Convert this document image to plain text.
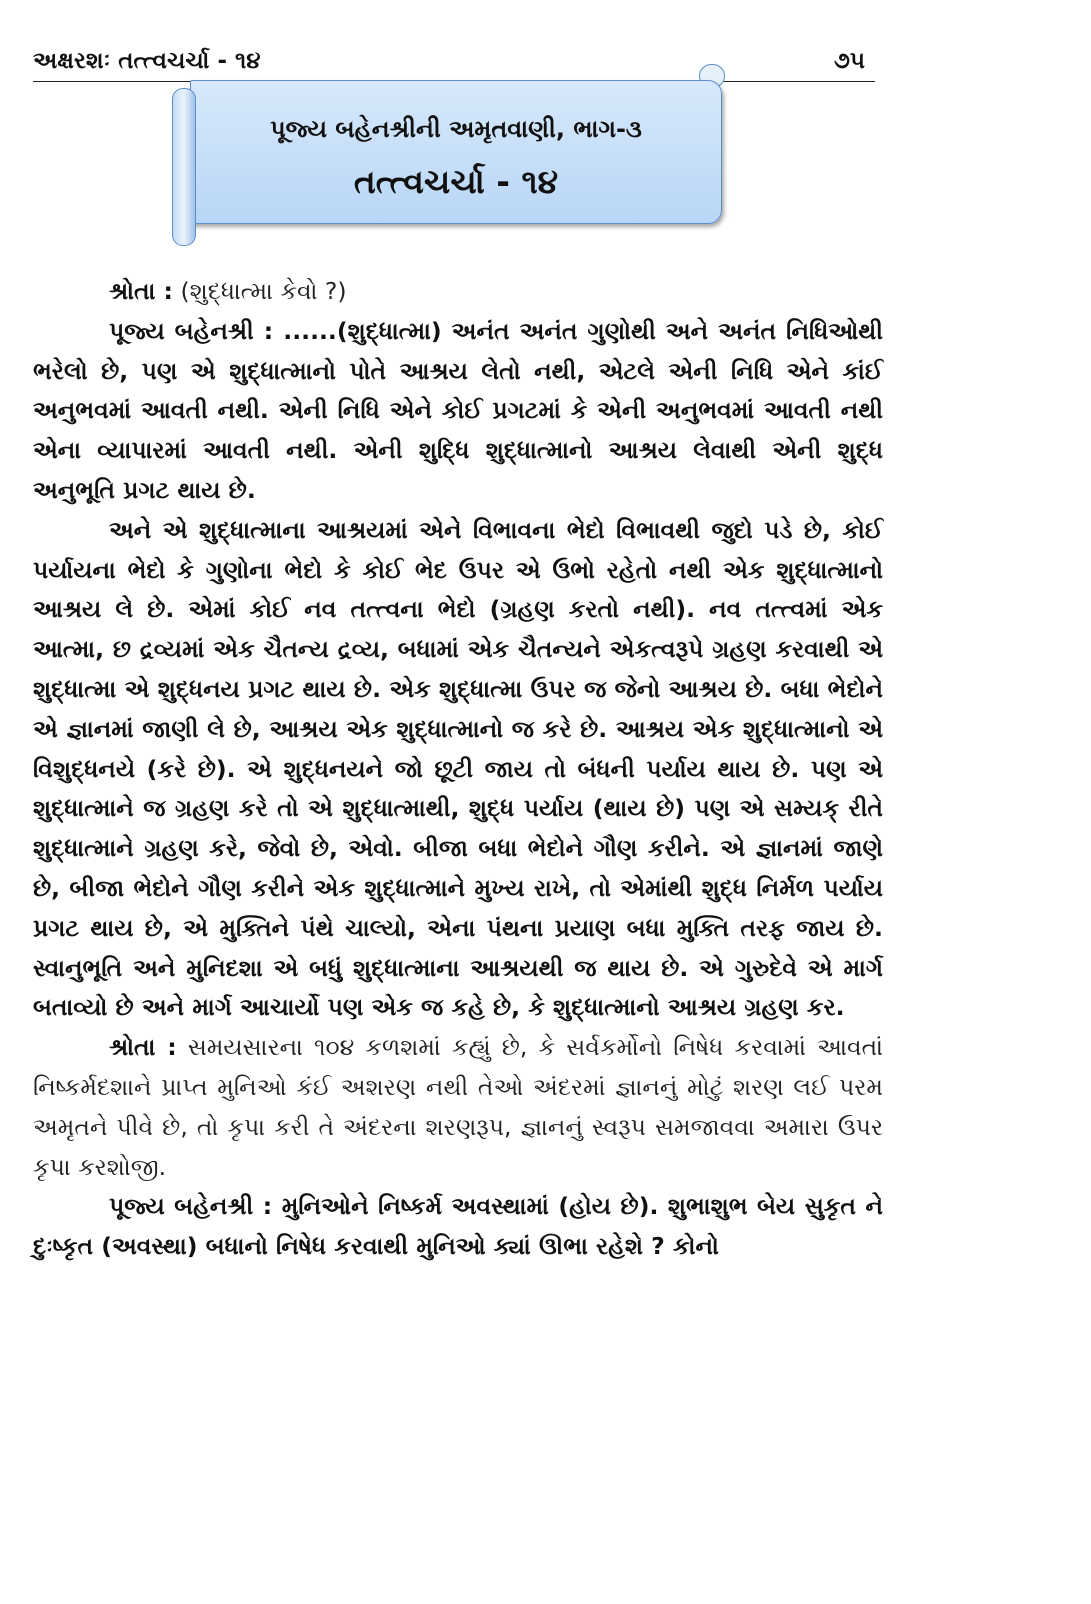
અક્ષરશઃ તત્ત્વચર્ચા - ૧૪	૭૫
પૂજ્ય બહેનશ્રીની અમૃતવાણી, ભાગ-૩
તત્ત્વચર્ચા - ૧૪

શ્રોતા : (શુદ્ધાત્મા કેવો ?)

પૂજ્ય બહેનશ્રી : ......(શુદ્ધાત્મા) અનંત અનંત ગુણોથી અને અનંત નિધિઓથી ભરેલો છે, પણ એ શુદ્ધાત્માનો પોતે આશ્રય લેતો નથી, એટલે એની નિધિ એને કાંઈ અનુભવમાં આવતી નથી. એની નિધિ એને કોઈ પ્રગટમાં કે એની અનુભવમાં આવતી નથી એના વ્યાપારમાં આવતી નથી. એની શુદ્ધિ શુદ્ધાત્માનો આશ્રય લેવાથી એની શુદ્ધ અનુભૂતિ પ્રગટ થાય છે.

અને એ શુદ્ધાત્માના આશ્રયમાં એને વિભાવના ભેદો વિભાવથી જુદો પડે છે, કોઈ પર્યાયના ભેદો કે ગુણોના ભેદો કે કોઈ ભેદ ઉપર એ ઉભો રહેતો નથી એક શુદ્ધાત્માનો આશ્રય લે છે. એમાં કોઈ નવ તત્ત્વના ભેદો (ગ્રહણ કરતો નથી). નવ તત્ત્વમાં એક આત્મા, છ દ્રવ્યમાં એક ચૈતન્ય દ્રવ્ય, બધામાં એક ચૈતન્યને એકત્વરૂપે ગ્રહણ કરવાથી એ શુદ્ધાત્મા એ શુદ્ધનય પ્રગટ થાય છે. એક શુદ્ધાત્મા ઉપર જ જેનો આશ્રય છે. બધા ભેદોને એ જ્ઞાનમાં જાણી લે છે, આશ્રય એક શુદ્ધાત્માનો જ કરે છે. આશ્રય એક શુદ્ધાત્માનો એ વિશુદ્ધનયે (કરે છે). એ શુદ્ધનયને જો છૂટી જાય તો બંધની પર્યાય થાય છે. પણ એ શુદ્ધાત્માને જ ગ્રહણ કરે તો એ શુદ્ધાત્માથી, શુદ્ધ પર્યાય (થાય છે) પણ એ સમ્યક્ રીતે શુદ્ધાત્માને ગ્રહણ કરે, જેવો છે, એવો. બીજા બધા ભેદોને ગૌણ કરીને. એ જ્ઞાનમાં જાણે છે, બીજા ભેદોને ગૌણ કરીને એક શુદ્ધાત્માને મુખ્ય રાખે, તો એમાંથી શુદ્ધ નિર્મળ પર્યાય પ્રગટ થાય છે, એ મુક્તિને પંથે ચાલ્યો, એના પંથના પ્રયાણ બધા મુક્તિ તરફ જાય છે. સ્વાનુભૂતિ અને મુનિદશા એ બધું શુદ્ધાત્માના આશ્રયથી જ થાય છે. એ ગુરુદેવે એ માર્ગ બતાવ્યો છે અને માર્ગ આચાર્યો પણ એક જ કહે છે, કે શુદ્ધાત્માનો આશ્રય ગ્રહણ કર.

શ્રોતા : સમયસારના ૧૦૪ કળશમાં કહ્યું છે, કે સર્વકર્મોનો નિષેધ કરવામાં આવતાં નિષ્કર્મદશાને પ્રાપ્ત મુનિઓ કંઈ અશરણ નથી તેઓ અંદરમાં જ્ઞાનનું મોટું શરણ લઈ પરમ અમૃતને પીવે છે, તો કૃપા કરી તે અંદરના શરણરૂપ, જ્ઞાનનું સ્વરૂપ સમજાવવા અમારા ઉપર કૃપા કરશોજી.

પૂજ્ય બહેનશ્રી : મુનિઓને નિષ્કર્મ અવસ્થામાં (હોય છે). શુભાશુભ બેય સુકૃત ને દુઃષ્કૃત (અવસ્થા) બધાનો નિષેધ કરવાથી મુનિઓ ક્યાં ઊભા રહેશે ? કોનો
